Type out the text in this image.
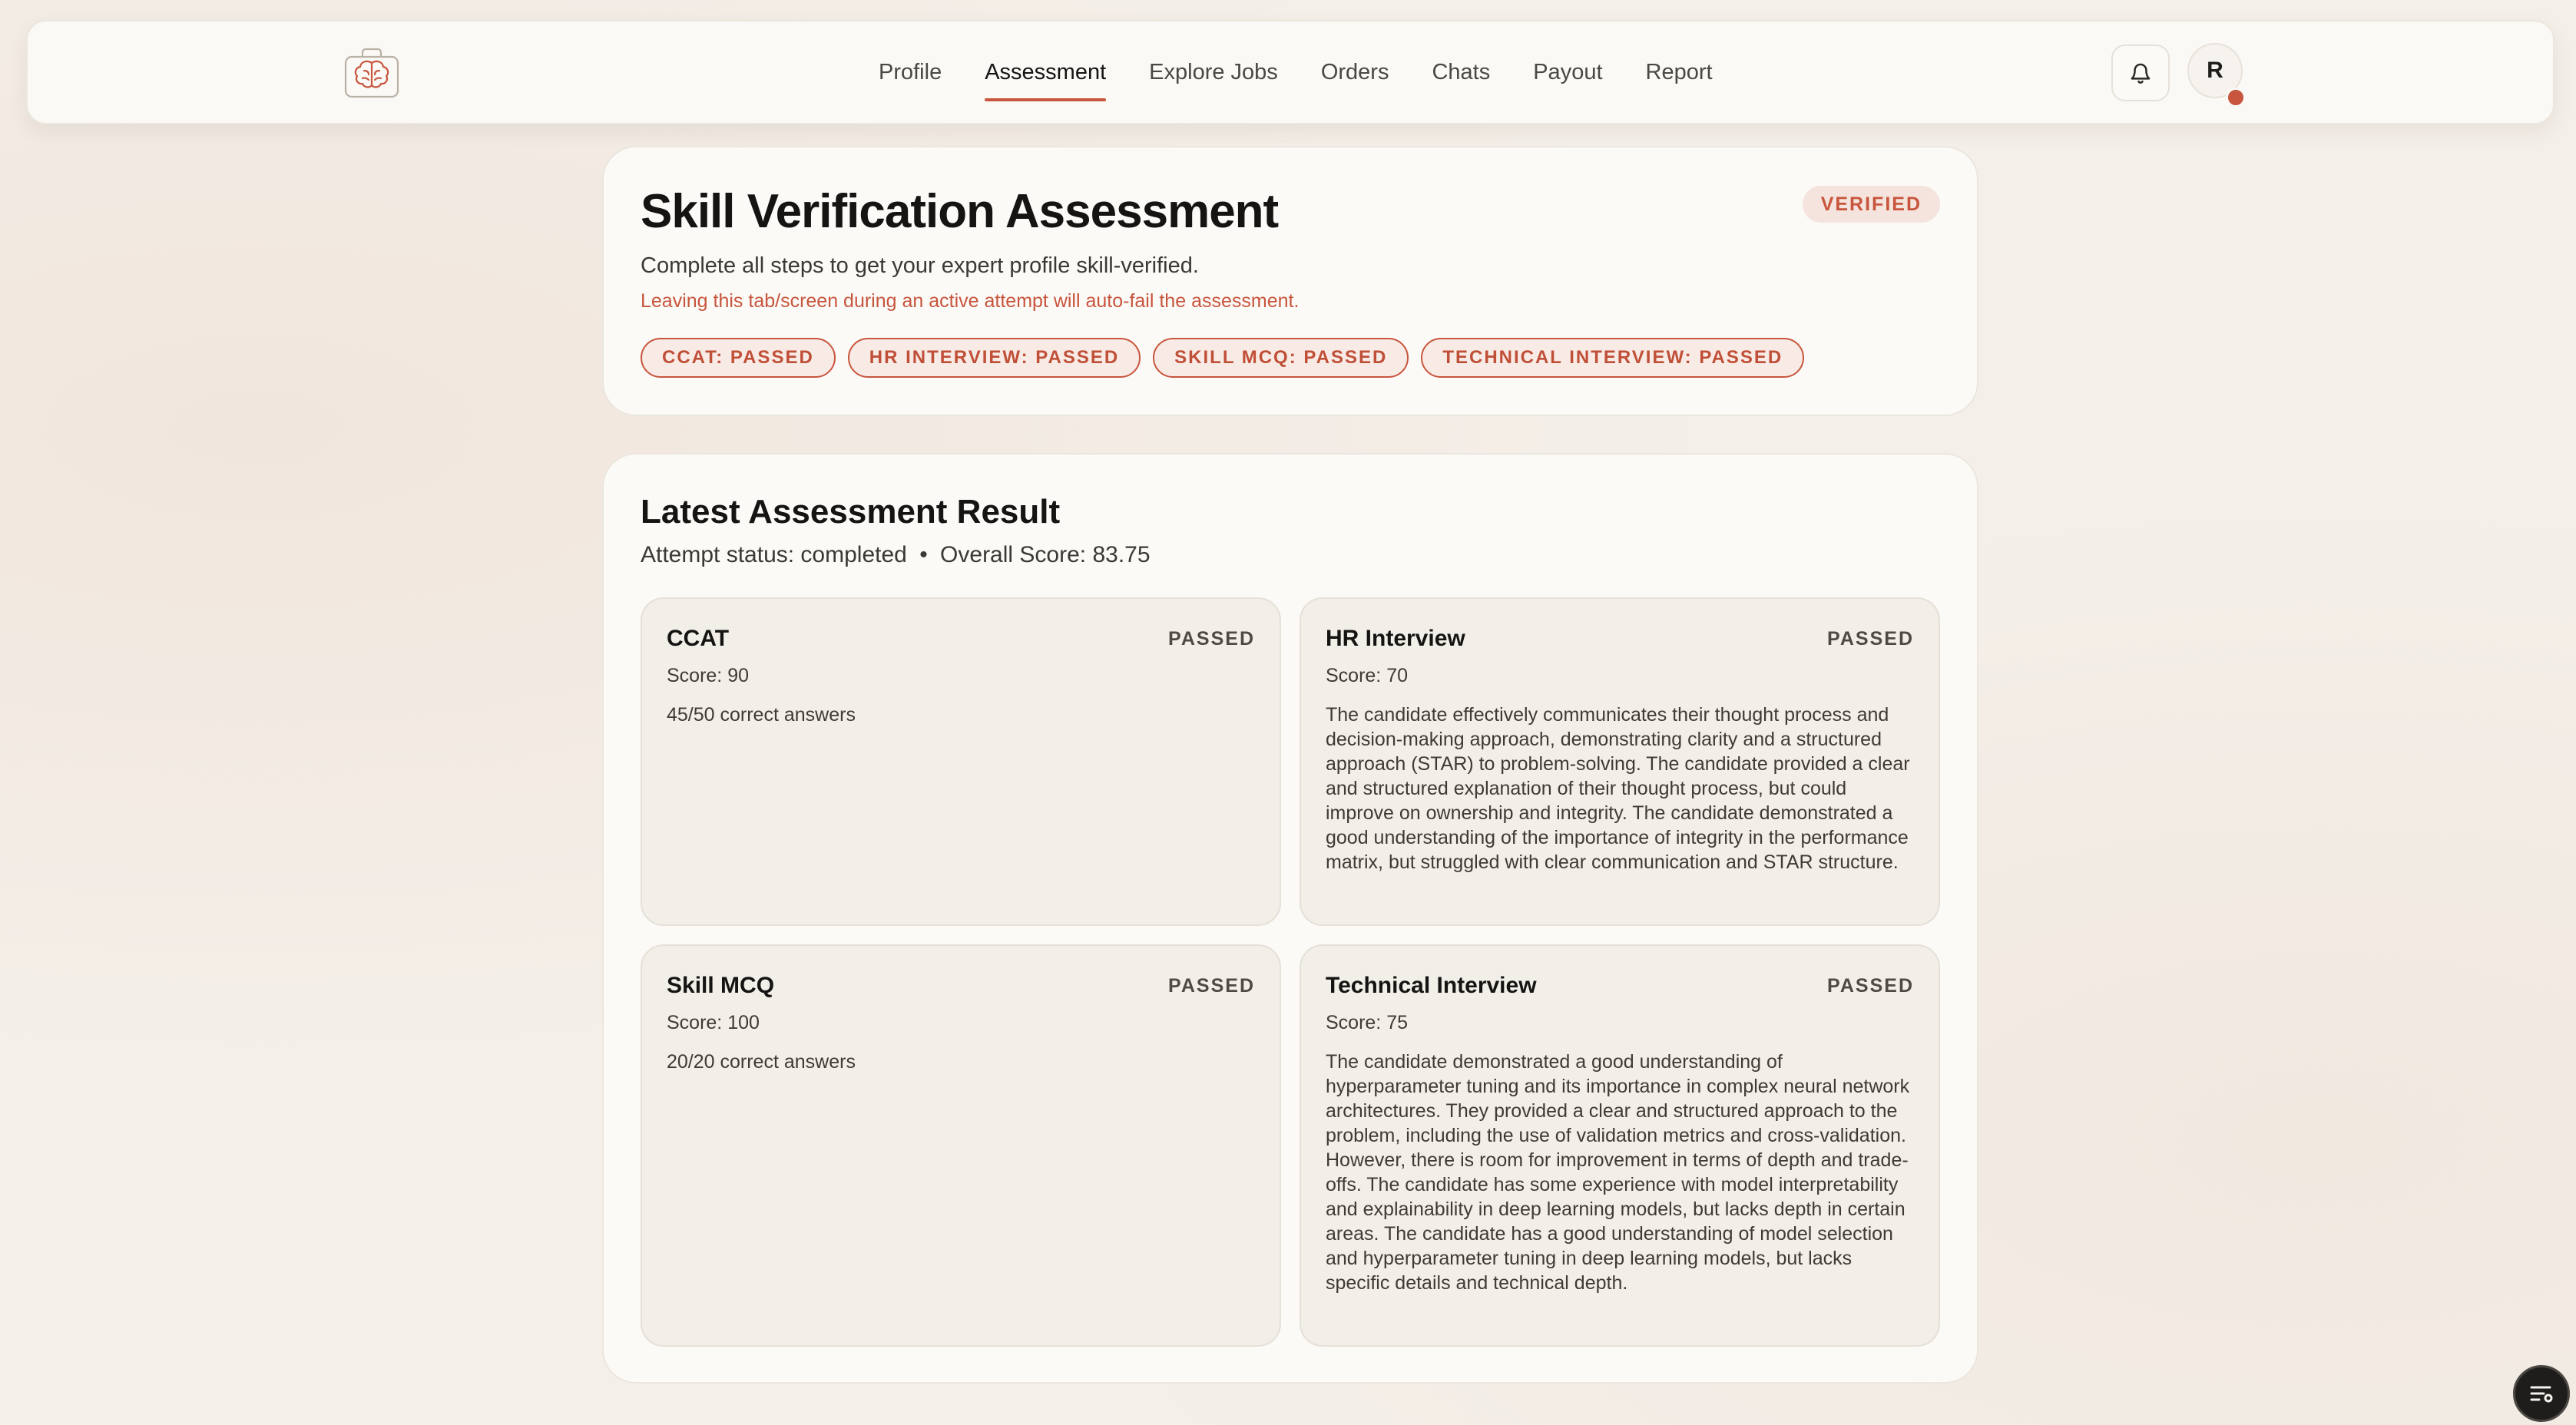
Profile	Assessment	Explore Jobs	Orders	Chats	Payout	Report	R
Skill Verification Assessment	VERIFIED

Complete all steps to get your expert profile skill-verified.

Leaving this tab/screen during an active attempt will auto-fail the assessment.

CCAT: PASSED	HR INTERVIEW: PASSED	SKILL MCQ: PASSED	TECHNICAL INTERVIEW: PASSED
Latest Assessment Result

Attempt status: completed • Overall Score: 83.75

CCAT	PASSED

Score: 90

45/50 correct answers

HR Interview	PASSED

Score: 70

The candidate effectively communicates their thought process and decision-making approach, demonstrating clarity and a structured approach (STAR) to problem-solving. The candidate provided a clear and structured explanation of their thought process, but could improve on ownership and integrity. The candidate demonstrated a good understanding of the importance of integrity in the performance matrix, but struggled with clear communication and STAR structure.

Skill MCQ	PASSED

Score: 100

20/20 correct answers

Technical Interview	PASSED

Score: 75

The candidate demonstrated a good understanding of hyperparameter tuning and its importance in complex neural network architectures. They provided a clear and structured approach to the problem, including the use of validation metrics and cross-validation. However, there is room for improvement in terms of depth and trade-offs. The candidate has some experience with model interpretability and explainability in deep learning models, but lacks depth in certain areas. The candidate has a good understanding of model selection and hyperparameter tuning in deep learning models, but lacks specific details and technical depth.
